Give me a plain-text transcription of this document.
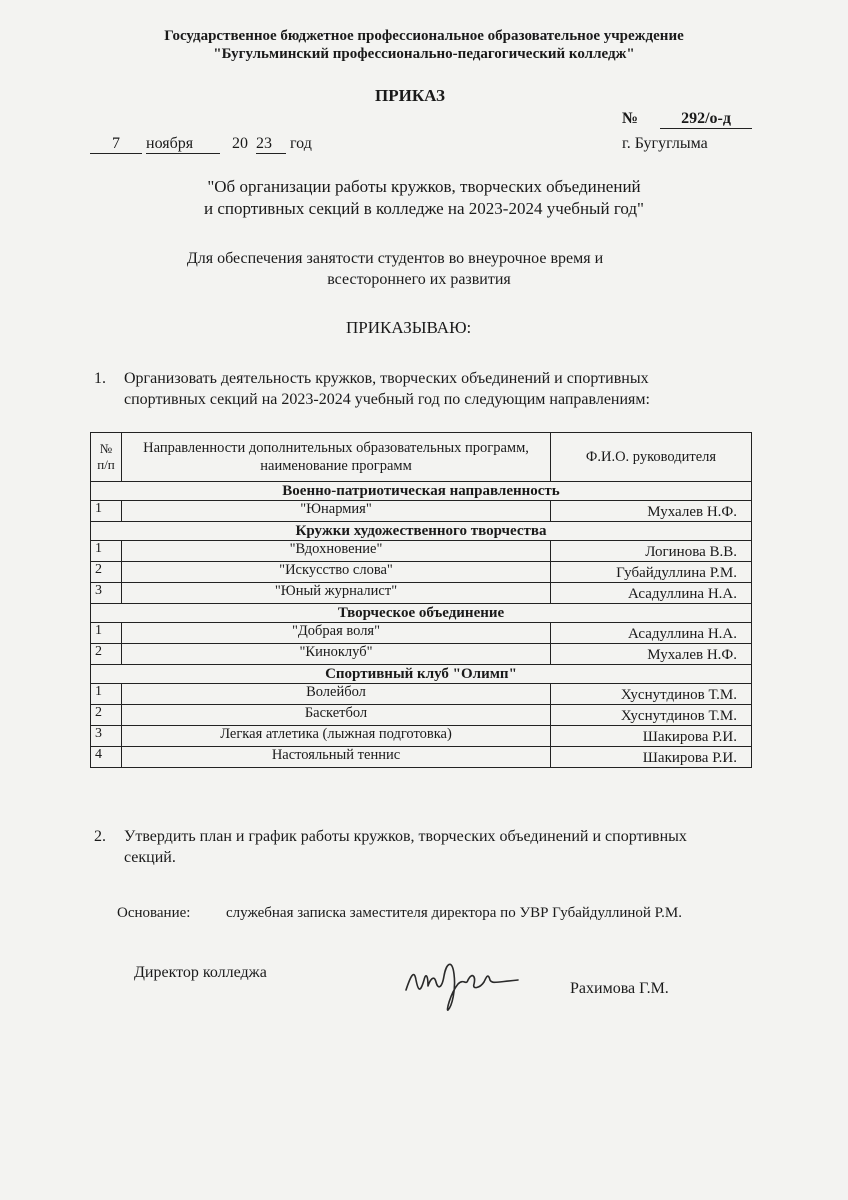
Государственное бюджетное профессиональное образовательное учреждение
"Бугульминский профессионально-педагогический колледж"
ПРИКАЗ
№	292/о-д
7	ноября	20 23	год	г. Бугуглыма
"Об организации работы кружков, творческих объединений
и спортивных секций в колледже на 2023-2024 учебный год"
Для обеспечения занятости студентов во внеурочное время и
всестороннего их развития
ПРИКАЗЫВАЮ:
1. Организовать деятельность кружков, творческих объединений и спортивных спортивных секций на 2023-2024 учебный год по следующим направлениям:
№ п/п	Направленности дополнительных образовательных программ, наименование программ	Ф.И.О. руководителя
Военно-патриотическая направленность		
1	"Юнармия"	Мухалев Н.Ф.
Кружки художественного творчества		
1	"Вдохновение"	Логинова В.В.
2	"Искусство слова"	Губайдуллина Р.М.
3	"Юный журналист"	Асадуллина Н.А.
Творческое объединение		
1	"Добрая воля"	Асадуллина Н.А.
2	"Киноклуб"	Мухалев Н.Ф.
Спортивный клуб "Олимп"		
1	Волейбол	Хуснутдинов Т.М.
2	Баскетбол	Хуснутдинов Т.М.
3	Легкая атлетика (лыжная подготовка)	Шакирова Р.И.
4	Настояльный теннис	Шакирова Р.И.
2. Утвердить план и график работы кружков, творческих объединений и спортивных секций.
Основание: служебная записка заместителя директора по УВР Губайдуллиной Р.М.
Директор колледжа
Рахимова Г.М.
